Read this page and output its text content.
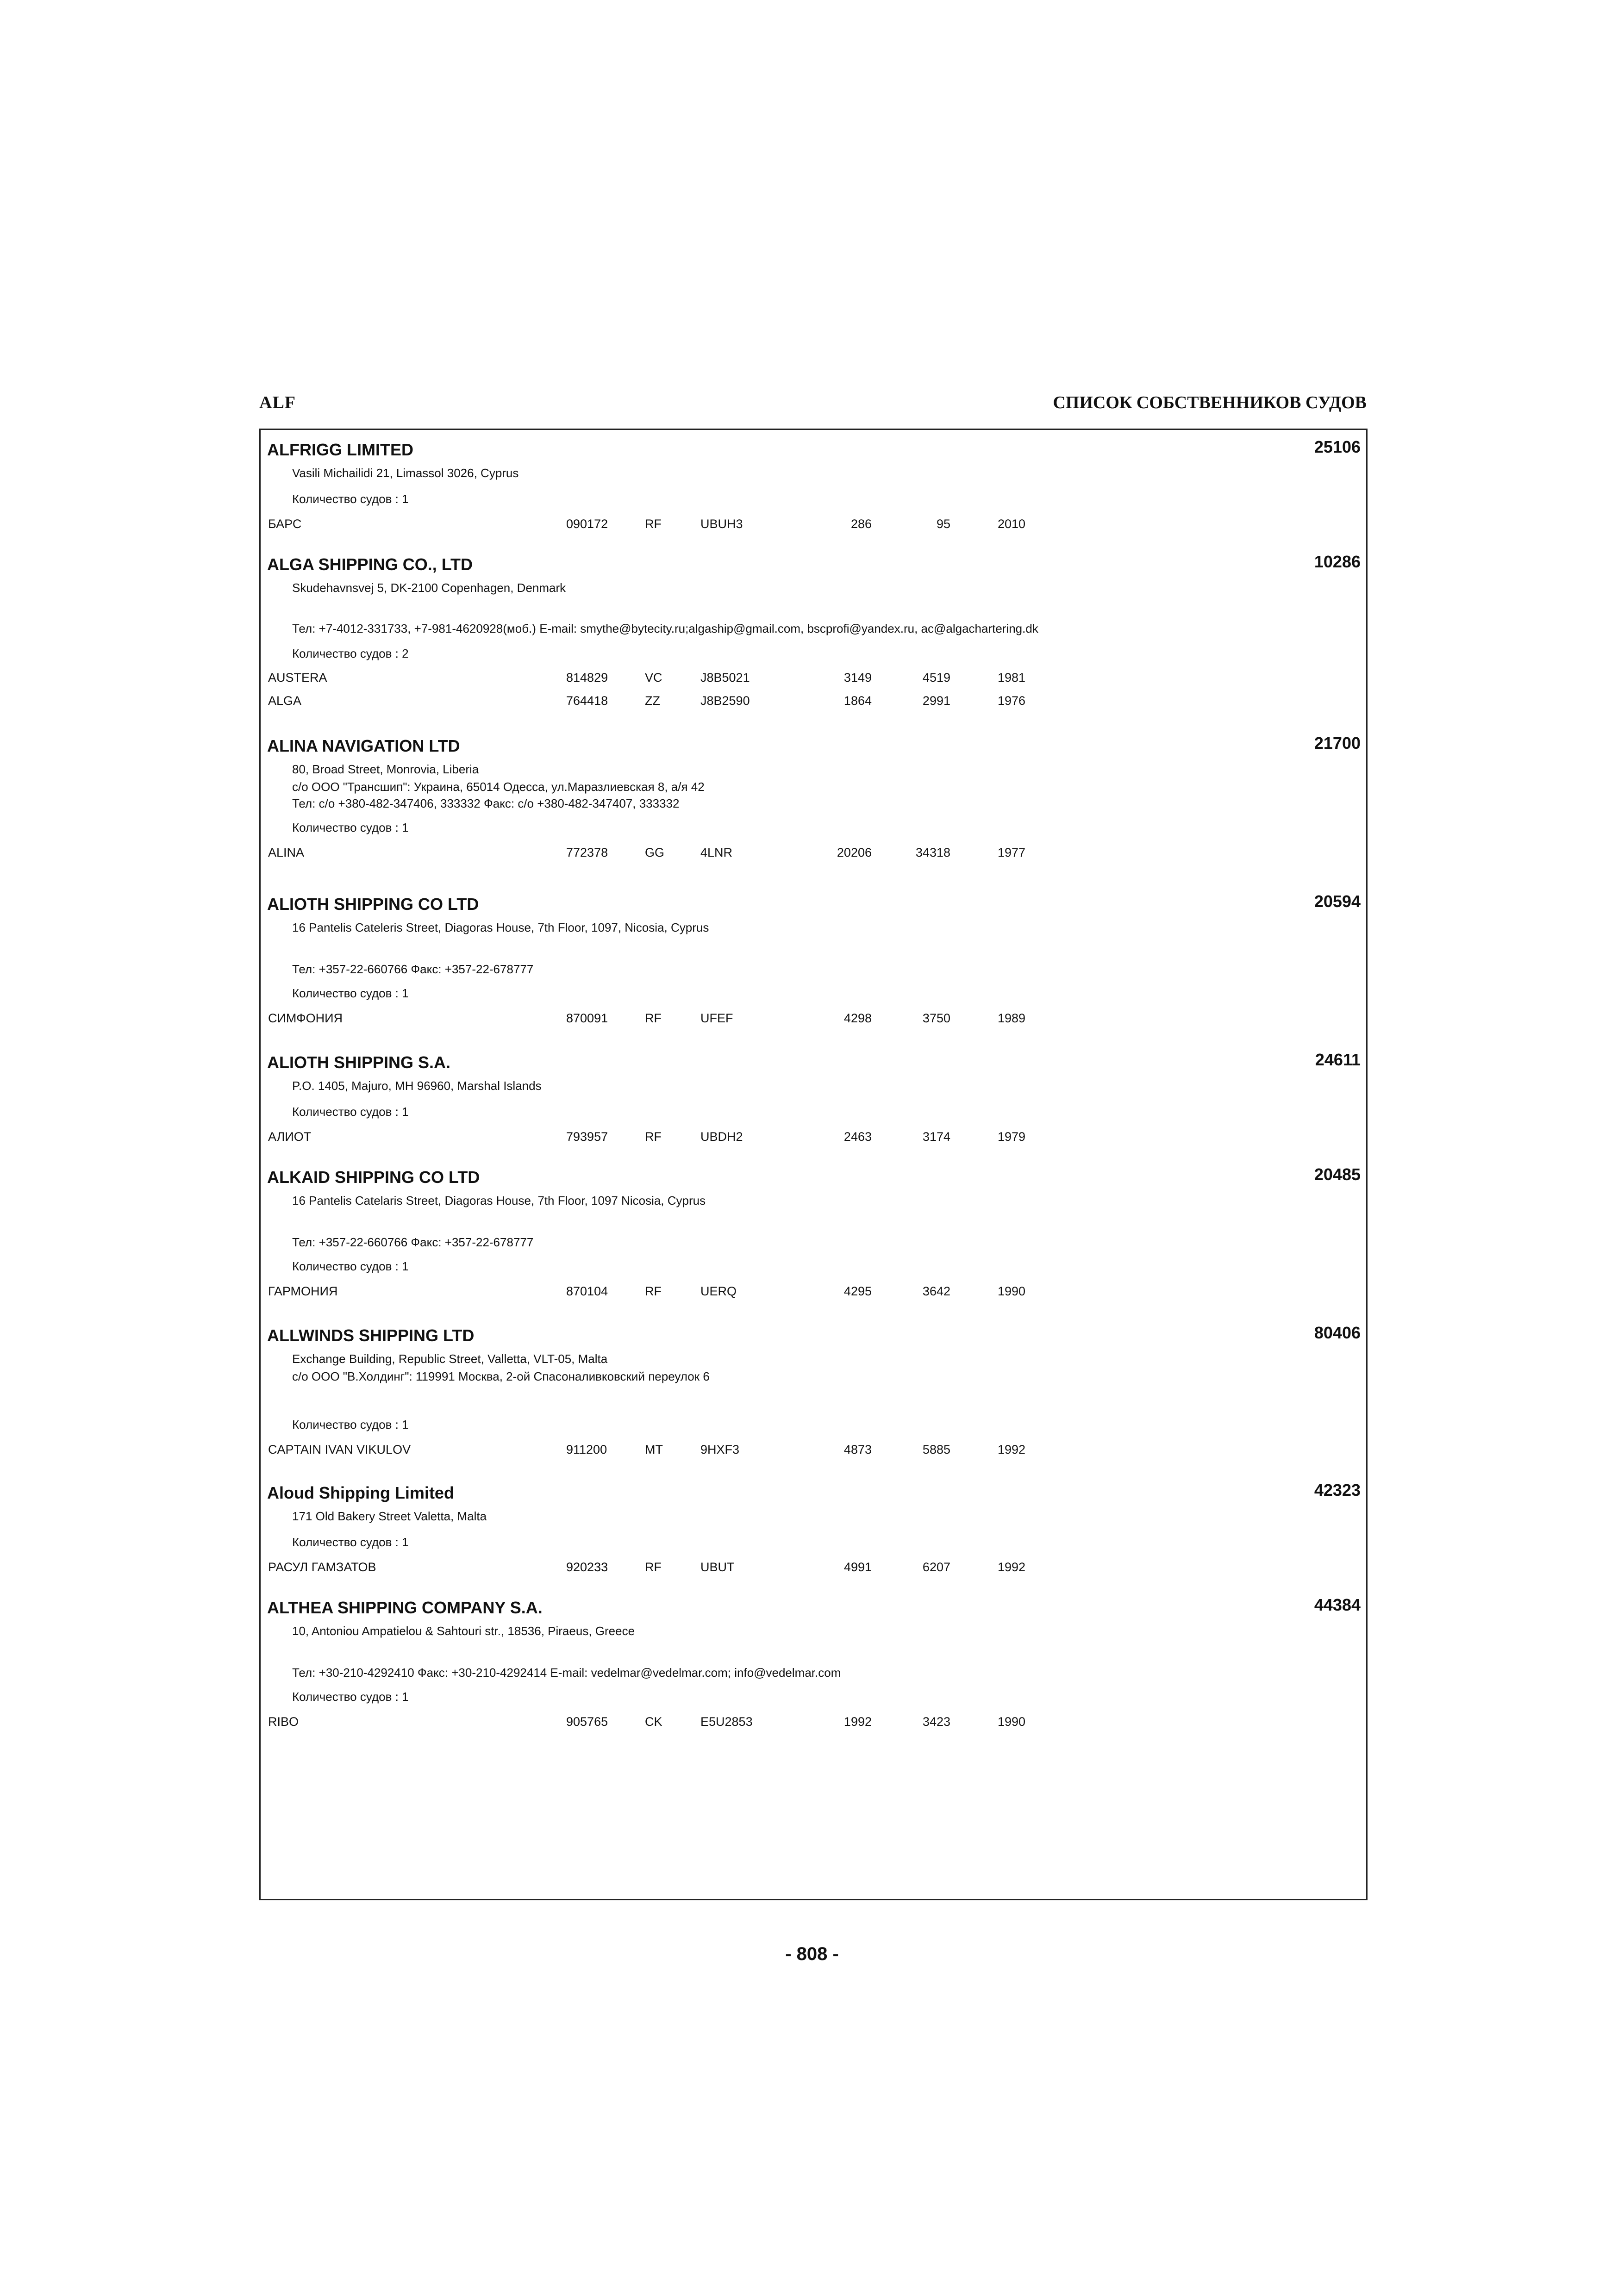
ALF	СПИСОК СОБСТВЕННИКОВ СУДОВ
ALFRIGG LIMITED	25106
Vasili Michailidi 21, Limassol 3026, Cyprus
Количество судов : 1
БАРС	090172	RF	UBUH3	286	95	2010
ALGA SHIPPING CO., LTD	10286
Skudehavnsvej 5, DK-2100 Copenhagen, Denmark
Тел: +7-4012-331733, +7-981-4620928(моб.) E-mail: smythe@bytecity.ru;algaship@gmail.com, bscprofi@yandex.ru, ac@algachartering.dk
Количество судов : 2
AUSTERA	814829	VC	J8B5021	3149	4519	1981
ALGA	764418	ZZ	J8B2590	1864	2991	1976
ALINA NAVIGATION LTD	21700
80, Broad Street, Monrovia, Liberia
c/o ООО "Трансшип": Украина, 65014 Одесса, ул.Маразлиевская 8, а/я 42
Тел: c/o +380-482-347406, 333332 Факс: c/o +380-482-347407, 333332
Количество судов : 1
ALINA	772378	GG	4LNR	20206	34318	1977
ALIOTH SHIPPING CO LTD	20594
16 Pantelis Cateleris Street, Diagoras House, 7th Floor, 1097, Nicosia, Cyprus
Тел: +357-22-660766 Факс: +357-22-678777
Количество судов : 1
СИМФОНИЯ	870091	RF	UFEF	4298	3750	1989
ALIOTH SHIPPING S.A.	24611
P.O. 1405, Majuro, MH 96960, Marshal Islands
Количество судов : 1
АЛИОТ	793957	RF	UBDH2	2463	3174	1979
ALKAID SHIPPING CO LTD	20485
16 Pantelis Catelaris Street, Diagoras House, 7th Floor, 1097 Nicosia, Cyprus
Тел: +357-22-660766 Факс: +357-22-678777
Количество судов : 1
ГАРМОНИЯ	870104	RF	UERQ	4295	3642	1990
ALLWINDS SHIPPING LTD	80406
Exchange Building, Republic Street, Valletta, VLT-05, Malta
c/o ООО "В.Холдинг": 119991 Москва, 2-ой Спасоналивковский переулок 6
Количество судов : 1
CAPTAIN IVAN VIKULOV	911200	MT	9HXF3	4873	5885	1992
Aloud Shipping Limited	42323
171 Old Bakery Street Valetta, Malta
Количество судов : 1
РАСУЛ ГАМЗАТОВ	920233	RF	UBUT	4991	6207	1992
ALTHEA SHIPPING COMPANY S.A.	44384
10, Antoniou Ampatielou & Sahtouri str., 18536, Piraeus, Greece
Тел: +30-210-4292410 Факс: +30-210-4292414 E-mail: vedelmar@vedelmar.com; info@vedelmar.com
Количество судов : 1
RIBO	905765	CK	E5U2853	1992	3423	1990
- 808 -
